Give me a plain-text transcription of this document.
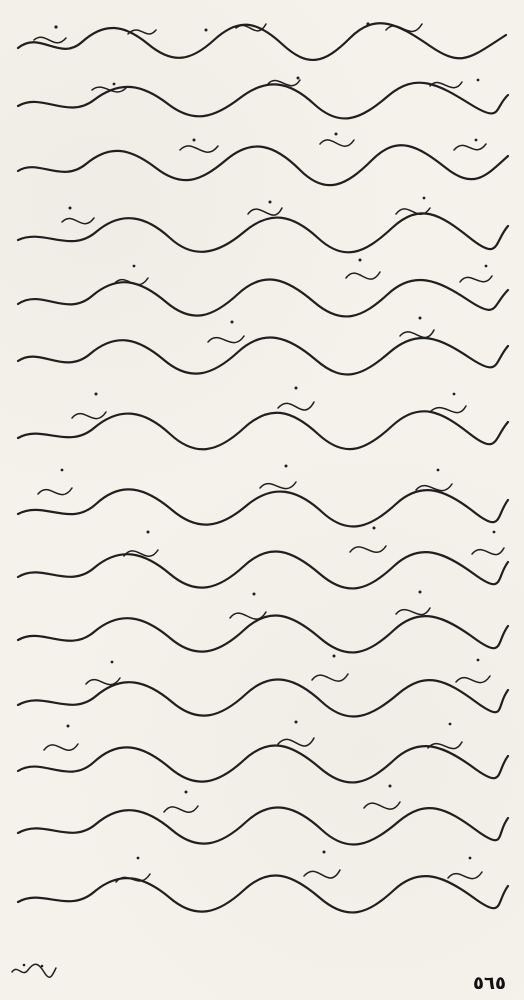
٥٦٥
